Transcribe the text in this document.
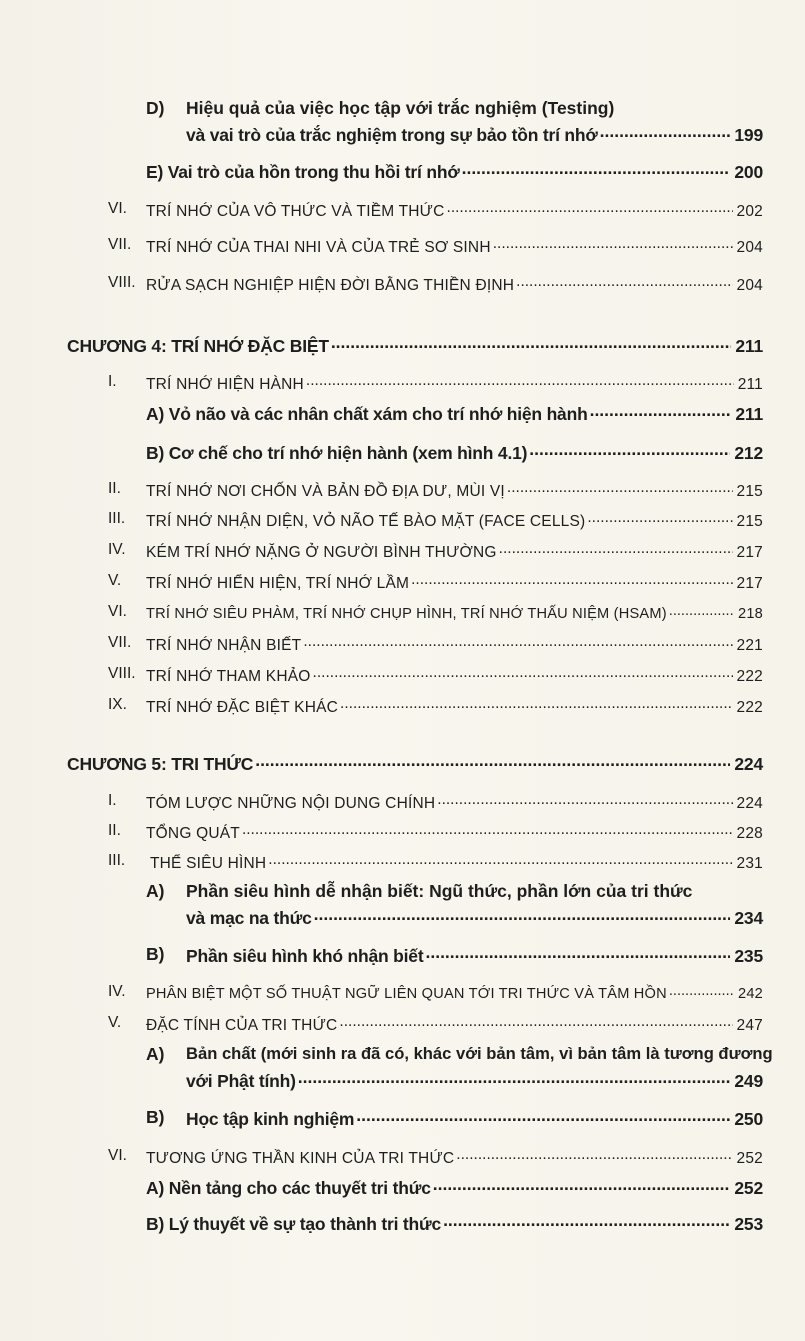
D) Hiệu quả của việc học tập với trắc nghiệm (Testing)
và vai trò của trắc nghiệm trong sự bảo tồn trí nhớ .....	199
E) Vai trò của hồn trong thu hồi trí nhớ .....	200
VI. TRÍ NHỚ CỦA VÔ THỨC VÀ TIỀM THỨC .....	202
VII. TRÍ NHỚ CỦA THAI NHI VÀ CỦA TRẺ SƠ SINH .....	204
VIII. RỬA SẠCH NGHIỆP HIỆN ĐỜI BẰNG THIỀN ĐỊNH .....	204
CHƯƠNG 4: TRÍ NHỚ ĐẶC BIỆT .....	211
I. TRÍ NHỚ HIỆN HÀNH .....	211
A) Vỏ não và các nhân chất xám cho trí nhớ hiện hành .....	211
B) Cơ chế cho trí nhớ hiện hành (xem hình 4.1) .....	212
II. TRÍ NHỚ NƠI CHỐN VÀ BẢN ĐỒ ĐỊA DƯ, MÙI VỊ .....	215
III. TRÍ NHỚ NHẬN DIỆN, VỎ NÃO TẾ BÀO MẶT (FACE CELLS) .....	215
IV. KÉM TRÍ NHỚ NẶNG Ở NGƯỜI BÌNH THƯỜNG .....	217
V. TRÍ NHỚ HIỂN HIỆN, TRÍ NHỚ LẦM .....	217
VI. TRÍ NHỚ SIÊU PHÀM, TRÍ NHỚ CHỤP HÌNH, TRÍ NHỚ THẤU NIỆM (HSAM) .....	218
VII. TRÍ NHỚ NHẬN BIẾT .....	221
VIII. TRÍ NHỚ THAM KHẢO .....	222
IX. TRÍ NHỚ ĐẶC BIỆT KHÁC .....	222
CHƯƠNG 5: TRI THỨC .....	224
I. TÓM LƯỢC NHỮNG NỘI DUNG CHÍNH .....	224
II. TỔNG QUÁT .....	228
III. THỂ SIÊU HÌNH .....	231
A) Phần siêu hình dễ nhận biết: Ngũ thức, phần lớn của tri thức
và mạc na thức .....	234
B) Phần siêu hình khó nhận biết .....	235
IV. PHÂN BIỆT MỘT SỐ THUẬT NGỮ LIÊN QUAN TỚI TRI THỨC VÀ TÂM HỒN .....	242
V. ĐẶC TÍNH CỦA TRI THỨC .....	247
A) Bản chất (mới sinh ra đã có, khác với bản tâm, vì bản tâm là tương đương
với Phật tính) .....	249
B) Học tập kinh nghiệm .....	250
VI. TƯƠNG ỨNG THẦN KINH CỦA TRI THỨC .....	252
A) Nền tảng cho các thuyết tri thức .....	252
B) Lý thuyết về sự tạo thành tri thức .....	253
